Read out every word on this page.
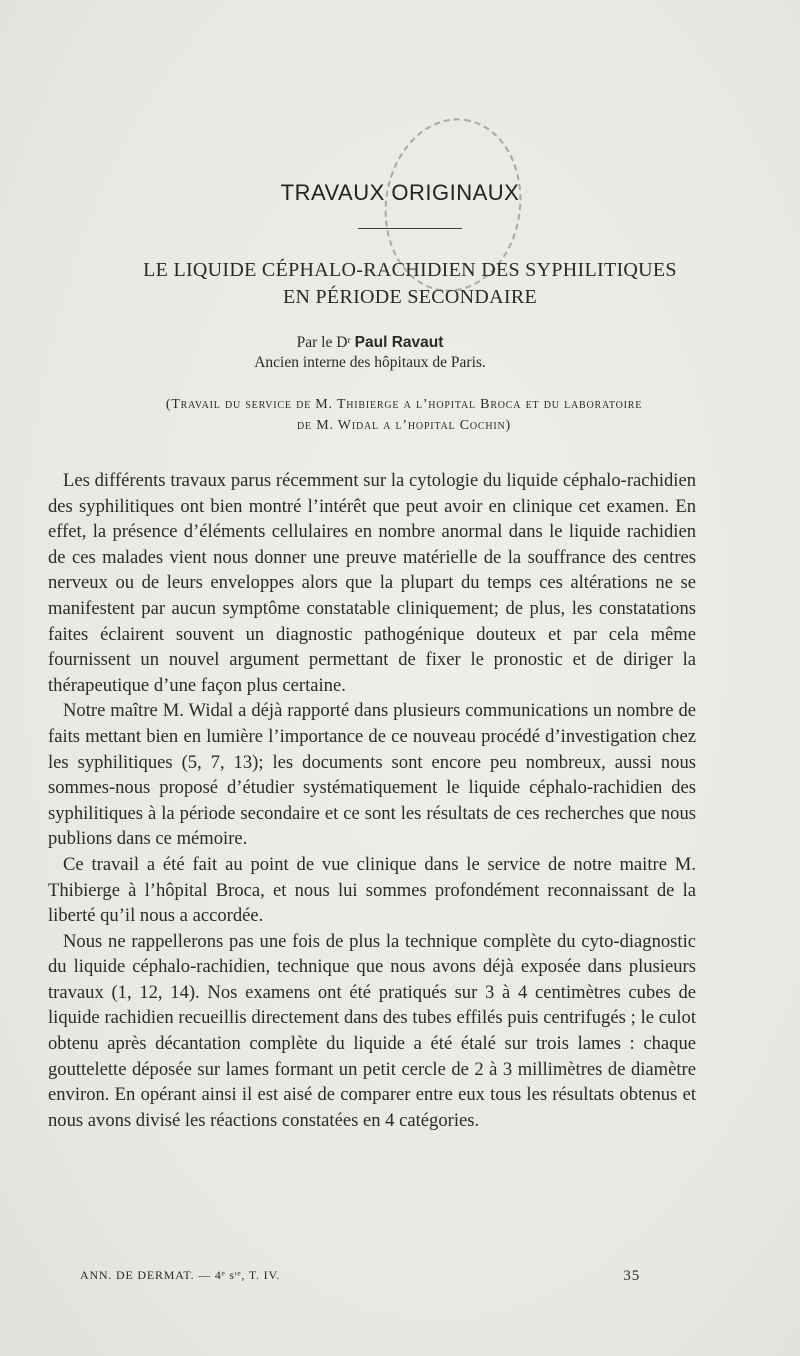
TRAVAUX ORIGINAUX
LE LIQUIDE CÉPHALO-RACHIDIEN DES SYPHILITIQUES
EN PÉRIODE SECONDAIRE
Par le Dʳ Paul Ravaut
Ancien interne des hôpitaux de Paris.
(Travail du service de M. Thibierge a l’hopital Broca et du laboratoire
de M. Widal a l’hopital Cochin)

Les différents travaux parus récemment sur la cytologie du liquide céphalo-rachidien des syphilitiques ont bien montré l’intérêt que peut avoir en clinique cet examen. En effet, la présence d’éléments cellulaires en nombre anormal dans le liquide rachidien de ces malades vient nous donner une preuve matérielle de la souffrance des centres nerveux ou de leurs enveloppes alors que la plupart du temps ces altérations ne se manifestent par aucun symptôme constatable cliniquement; de plus, les constatations faites éclairent souvent un diagnostic pathogénique douteux et par cela même fournissent un nouvel argument permettant de fixer le pronostic et de diriger la thérapeutique d’une façon plus certaine.

Notre maître M. Widal a déjà rapporté dans plusieurs communications un nombre de faits mettant bien en lumière l’importance de ce nouveau procédé d’investigation chez les syphilitiques (5, 7, 13); les documents sont encore peu nombreux, aussi nous sommes-nous proposé d’étudier systématiquement le liquide céphalo-rachidien des syphilitiques à la période secondaire et ce sont les résultats de ces recherches que nous publions dans ce mémoire.

Ce travail a été fait au point de vue clinique dans le service de notre maitre M. Thibierge à l’hôpital Broca, et nous lui sommes profondément reconnaissant de la liberté qu’il nous a accordée.

Nous ne rappellerons pas une fois de plus la technique complète du cyto-diagnostic du liquide céphalo-rachidien, technique que nous avons déjà exposée dans plusieurs travaux (1, 12, 14). Nos examens ont été pratiqués sur 3 à 4 centimètres cubes de liquide rachidien recueillis directement dans des tubes effilés puis centrifugés ; le culot obtenu après décantation complète du liquide a été étalé sur trois lames : chaque gouttelette déposée sur lames formant un petit cercle de 2 à 3 millimètres de diamètre environ. En opérant ainsi il est aisé de comparer entre eux tous les résultats obtenus et nous avons divisé les réactions constatées en 4 catégories.

ANN. DE DERMAT. — 4ᵉ sᶦᵉ, T. IV.	35
